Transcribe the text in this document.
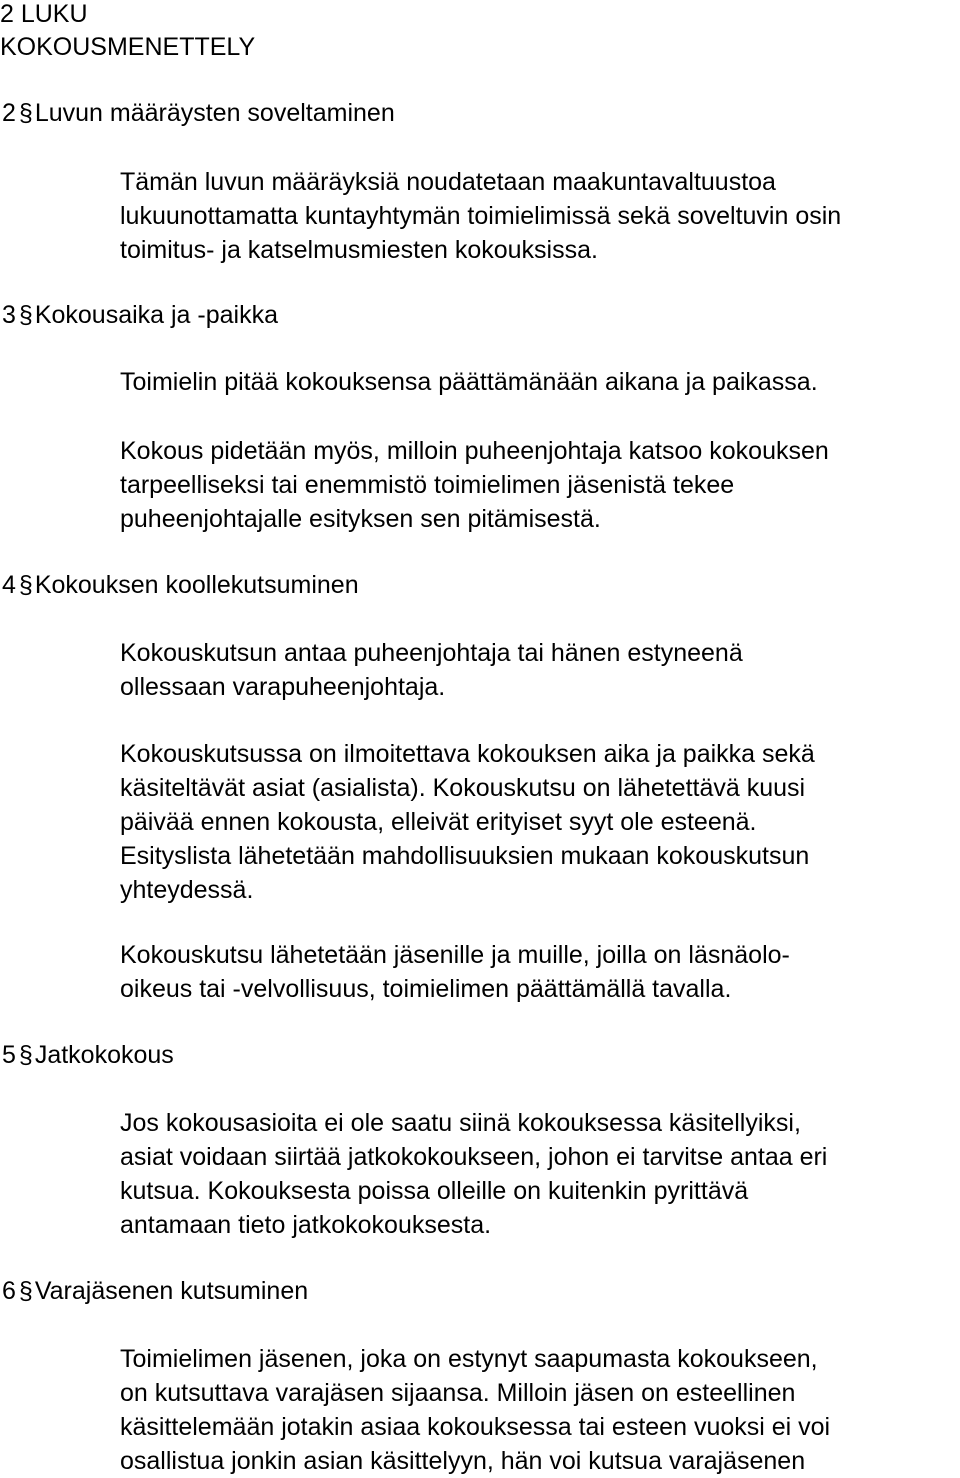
2 LUKU
KOKOUSMENETTELY
2 §Luvun määräysten soveltaminen
Tämän luvun määräyksiä noudatetaan maakuntavaltuustoa
lukuunottamatta kuntayhtymän toimielimissä sekä soveltuvin osin
toimitus- ja katselmusmiesten kokouksissa.
3 §Kokousaika ja -paikka
Toimielin pitää kokouksensa päättämänään aikana ja paikassa.
Kokous pidetään myös, milloin puheenjohtaja katsoo kokouksen
tarpeelliseksi tai enemmistö toimielimen jäsenistä tekee
puheenjohtajalle esityksen sen pitämisestä.
4 §Kokouksen koollekutsuminen
Kokouskutsun antaa puheenjohtaja tai hänen estyneenä
ollessaan varapuheenjohtaja.
Kokouskutsussa on ilmoitettava kokouksen aika ja paikka sekä
käsiteltävät asiat (asialista). Kokouskutsu on lähetettävä kuusi
päivää ennen kokousta, elleivät erityiset syyt ole esteenä.
Esityslista lähetetään mahdollisuuksien mukaan kokouskutsun
yhteydessä.
Kokouskutsu lähetetään jäsenille ja muille, joilla on läsnäolo-
oikeus tai -velvollisuus, toimielimen päättämällä tavalla.
5 §Jatkokokous
Jos kokousasioita ei ole saatu siinä kokouksessa käsitellyiksi,
asiat voidaan siirtää jatkokokoukseen, johon ei tarvitse antaa eri
kutsua. Kokouksesta poissa olleille on kuitenkin pyrittävä
antamaan tieto jatkokokouksesta.
6 §Varajäsenen kutsuminen
Toimielimen jäsenen, joka on estynyt saapumasta kokoukseen,
on kutsuttava varajäsen sijaansa. Milloin jäsen on esteellinen
käsittelemään jotakin asiaa kokouksessa tai esteen vuoksi ei voi
osallistua jonkin asian käsittelyyn, hän voi kutsua varajäsenen
